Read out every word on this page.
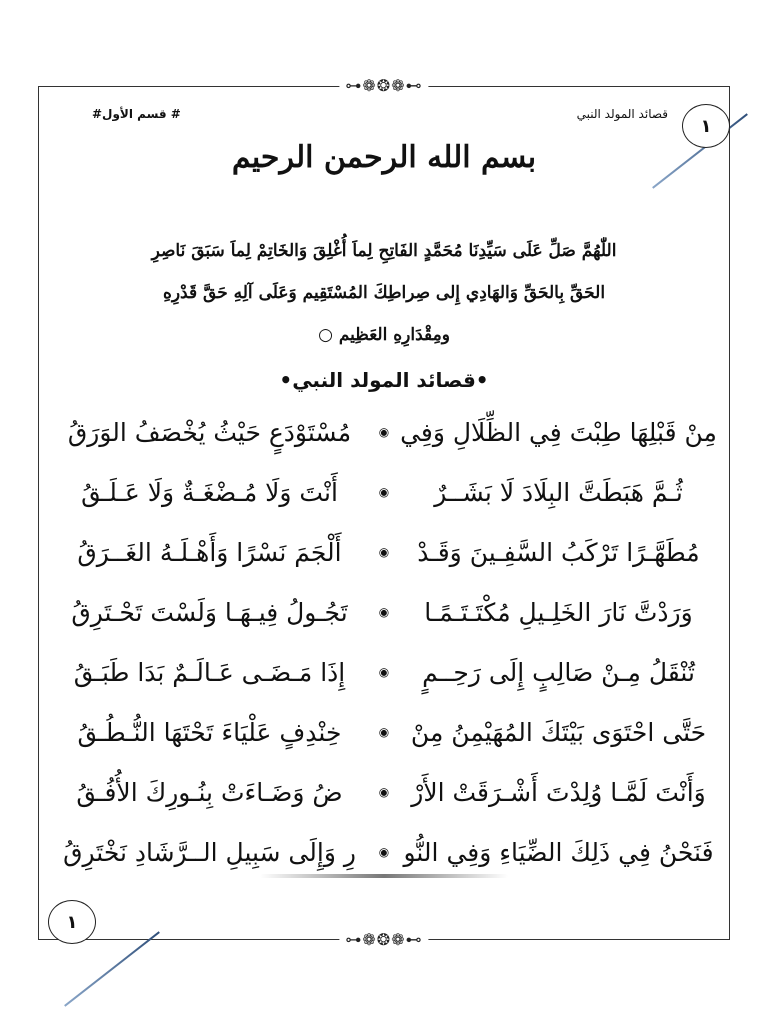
⊶❁❂❁⊷
⊶❁❂❁⊷
١
قصائد المولد النبي
# قسم الأول#
بسم الله الرحمن الرحيم
اللّٰهُمَّ صَلِّ عَلَى سَيِّدِنَا مُحَمَّدٍ الفَاتِحِ لِماَ أُغْلِقَ وَالخَاتِمْ لِماَ سَبَقَ نَاصِرِ
الحَقِّ بِالحَقِّ وَالهَادِي إِلى صِراطِكَ المُسْتَقِيم وَعَلَى آلِهِ حَقَّ قَدْرِهِ
ومِقْدَارِهِ العَظِيم ○
•قصائد المولد النبي•
مِنْ قَبْلِهَا طِبْتَ فِي الظِّلَالِ وَفِي
◉
مُسْتَوْدَعٍ حَيْثُ يُخْصَفُ الوَرَقُ
ثُـمَّ هَبَطَتَّ البِلَادَ لَا بَشَــرٌ
◉
أَنْتَ وَلَا مُـضْغَـةٌ وَلَا عَـلَـقُ
مُطَهَّـرًا تَرْكَبُ السَّفِـينَ وَقَـدْ
◉
أَلْجَمَ نَسْرًا وَأَهْـلَـهُ الغَــرَقُ
وَرَدْتَّ نَارَ الخَلِـيلِ مُكْتَـتَـمًـا
◉
تَجُـولُ فِيـهَـا وَلَسْتَ تَحْـتَرِقُ
تُنْقَلُ مِـنْ صَالِبٍ إِلَى رَحِــمٍ
◉
إِذَا مَـضَـى عَـالَـمٌ بَدَا طَبَـقُ
حَتَّى احْتَوَى بَيْتَكَ المُهَيْمِنُ مِنْ
◉
خِنْدِفٍ عَلْيَاءَ تَحْتَهَا النُّـطُـقُ
وَأَنْتَ لَمَّـا وُلِدْتَ أَشْـرَقَتْ الأَرْ
◉
ضُ وَضَـاءَتْ بِنُـورِكَ الأُفُـقُ
فَنَحْنُ فِي ذَلِكَ الضِّيَاءِ وَفِي النُّو
◉
رِ وَإِلَى سَبِيلِ الــرَّشَادِ نَخْتَرِقُ
١
